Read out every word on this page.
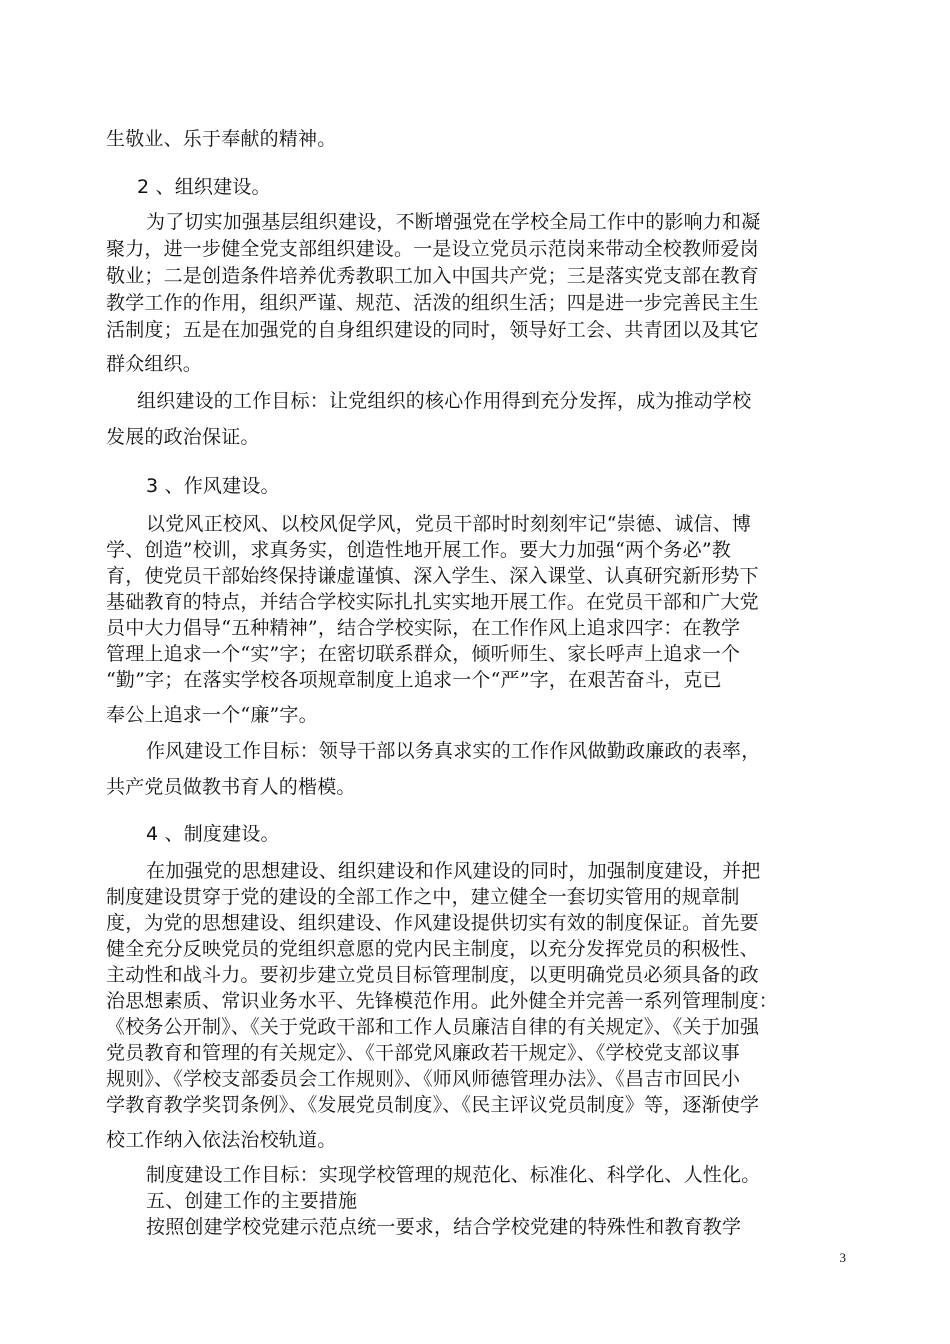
生敬业、乐于奉献的精神。
2 、组织建设。
为了切实加强基层组织建设，不断增强党在学校全局工作中的影响力和凝
聚力，进一步健全党支部组织建设。一是设立党员示范岗来带动全校教师爱岗
敬业；二是创造条件培养优秀教职工加入中国共产党；三是落实党支部在教育
教学工作的作用，组织严谨、规范、活泼的组织生活；四是进一步完善民主生
活制度；五是在加强党的自身组织建设的同时，领导好工会、共青团以及其它
群众组织。
组织建设的工作目标：让党组织的核心作用得到充分发挥，成为推动学校
发展的政治保证。
3 、作风建设。
以党风正校风、以校风促学风，党员干部时时刻刻牢记“崇德、诚信、博
学、创造”校训，求真务实，创造性地开展工作。要大力加强“两个务必”教
育，使党员干部始终保持谦虚谨慎、深入学生、深入课堂、认真研究新形势下
基础教育的特点，并结合学校实际扎扎实实地开展工作。在党员干部和广大党
员中大力倡导“五种精神”，结合学校实际，在工作作风上追求四字：在教学
管理上追求一个“实”字；在密切联系群众，倾听师生、家长呼声上追求一个
“勤”字；在落实学校各项规章制度上追求一个“严”字，在艰苦奋斗，克已
奉公上追求一个“廉”字。
作风建设工作目标：领导干部以务真求实的工作作风做勤政廉政的表率，
共产党员做教书育人的楷模。
4 、制度建设。
在加强党的思想建设、组织建设和作风建设的同时，加强制度建设，并把
制度建设贯穿于党的建设的全部工作之中，建立健全一套切实管用的规章制
度，为党的思想建设、组织建设、作风建设提供切实有效的制度保证。首先要
健全充分反映党员的党组织意愿的党内民主制度，以充分发挥党员的积极性、
主动性和战斗力。要初步建立党员目标管理制度，以更明确党员必须具备的政
治思想素质、常识业务水平、先锋模范作用。此外健全并完善一系列管理制度：
《校务公开制》、《关于党政干部和工作人员廉洁自律的有关规定》、《关于加强
党员教育和管理的有关规定》、《干部党风廉政若干规定》、《学校党支部议事
规则》、《学校支部委员会工作规则》、《师风师德管理办法》、《昌吉市回民小
学教育教学奖罚条例》、《发展党员制度》、《民主评议党员制度》等，逐渐使学
校工作纳入依法治校轨道。
制度建设工作目标：实现学校管理的规范化、标准化、科学化、人性化。
五、创建工作的主要措施
按照创建学校党建示范点统一要求，结合学校党建的特殊性和教育教学
3
